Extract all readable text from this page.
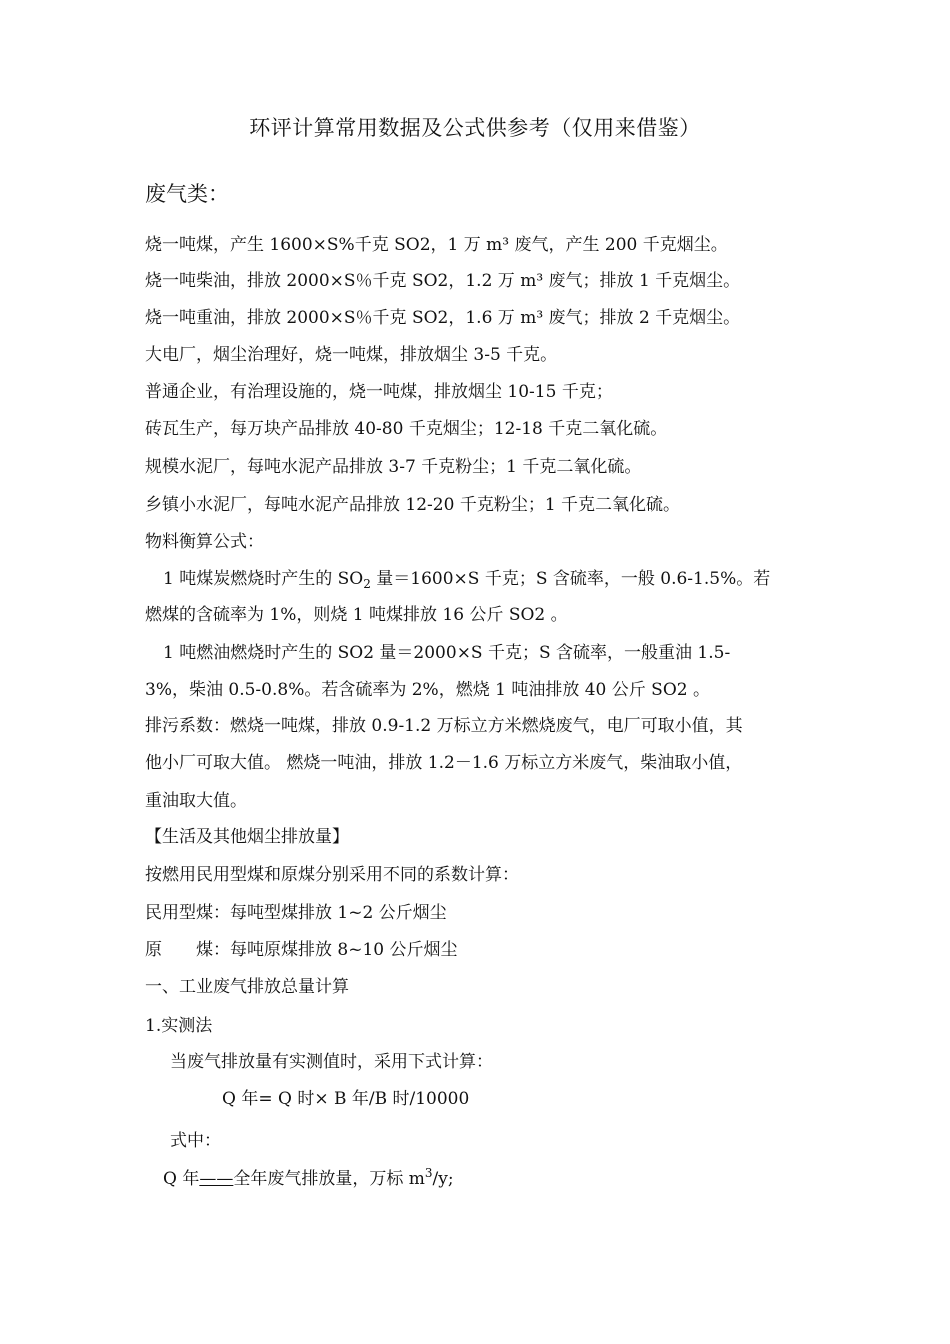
环评计算常用数据及公式供参考（仅用来借鉴）
废气类：
烧一吨煤，产生 1600×S%千克 SO2，1 万 m³ 废气，产生 200 千克烟尘。
烧一吨柴油，排放 2000×S％千克 SO2，1.2 万 m³ 废气；排放 1 千克烟尘。
烧一吨重油，排放 2000×S％千克 SO2，1.6 万 m³ 废气；排放 2 千克烟尘。
大电厂，烟尘治理好，烧一吨煤，排放烟尘 3-5 千克。
普通企业，有治理设施的，烧一吨煤，排放烟尘 10-15 千克；
砖瓦生产，每万块产品排放 40-80 千克烟尘；12-18 千克二氧化硫。
规模水泥厂，每吨水泥产品排放 3-7 千克粉尘；1 千克二氧化硫。
乡镇小水泥厂，每吨水泥产品排放 12-20 千克粉尘；1 千克二氧化硫。
物料衡算公式：
1 吨煤炭燃烧时产生的 $SO_2$ 量＝1600×S 千克；S 含硫率，一般 0.6-1.5%。若
燃煤的含硫率为 1%，则烧 1 吨煤排放 16 公斤 SO2 。
1 吨燃油燃烧时产生的 SO2 量＝2000×S 千克；S 含硫率，一般重油 1.5-
3%，柴油 0.5-0.8%。若含硫率为 2%，燃烧 1 吨油排放 40 公斤 SO2 。
排污系数：燃烧一吨煤，排放 0.9-1.2 万标立方米燃烧废气，电厂可取小值，其
他小厂可取大值。 燃烧一吨油，排放 1.2－1.6 万标立方米废气，柴油取小值，
重油取大值。
【生活及其他烟尘排放量】
按燃用民用型煤和原煤分别采用不同的系数计算：
民用型煤：每吨型煤排放 1~2 公斤烟尘
原　　煤：每吨原煤排放 8~10 公斤烟尘
一、工业废气排放总量计算
1.实测法
当废气排放量有实测值时，采用下式计算：
Q 年= Q 时× B 年/B 时/10000
式中：
Q 年——全年废气排放量，万标 $m^3/y$;
